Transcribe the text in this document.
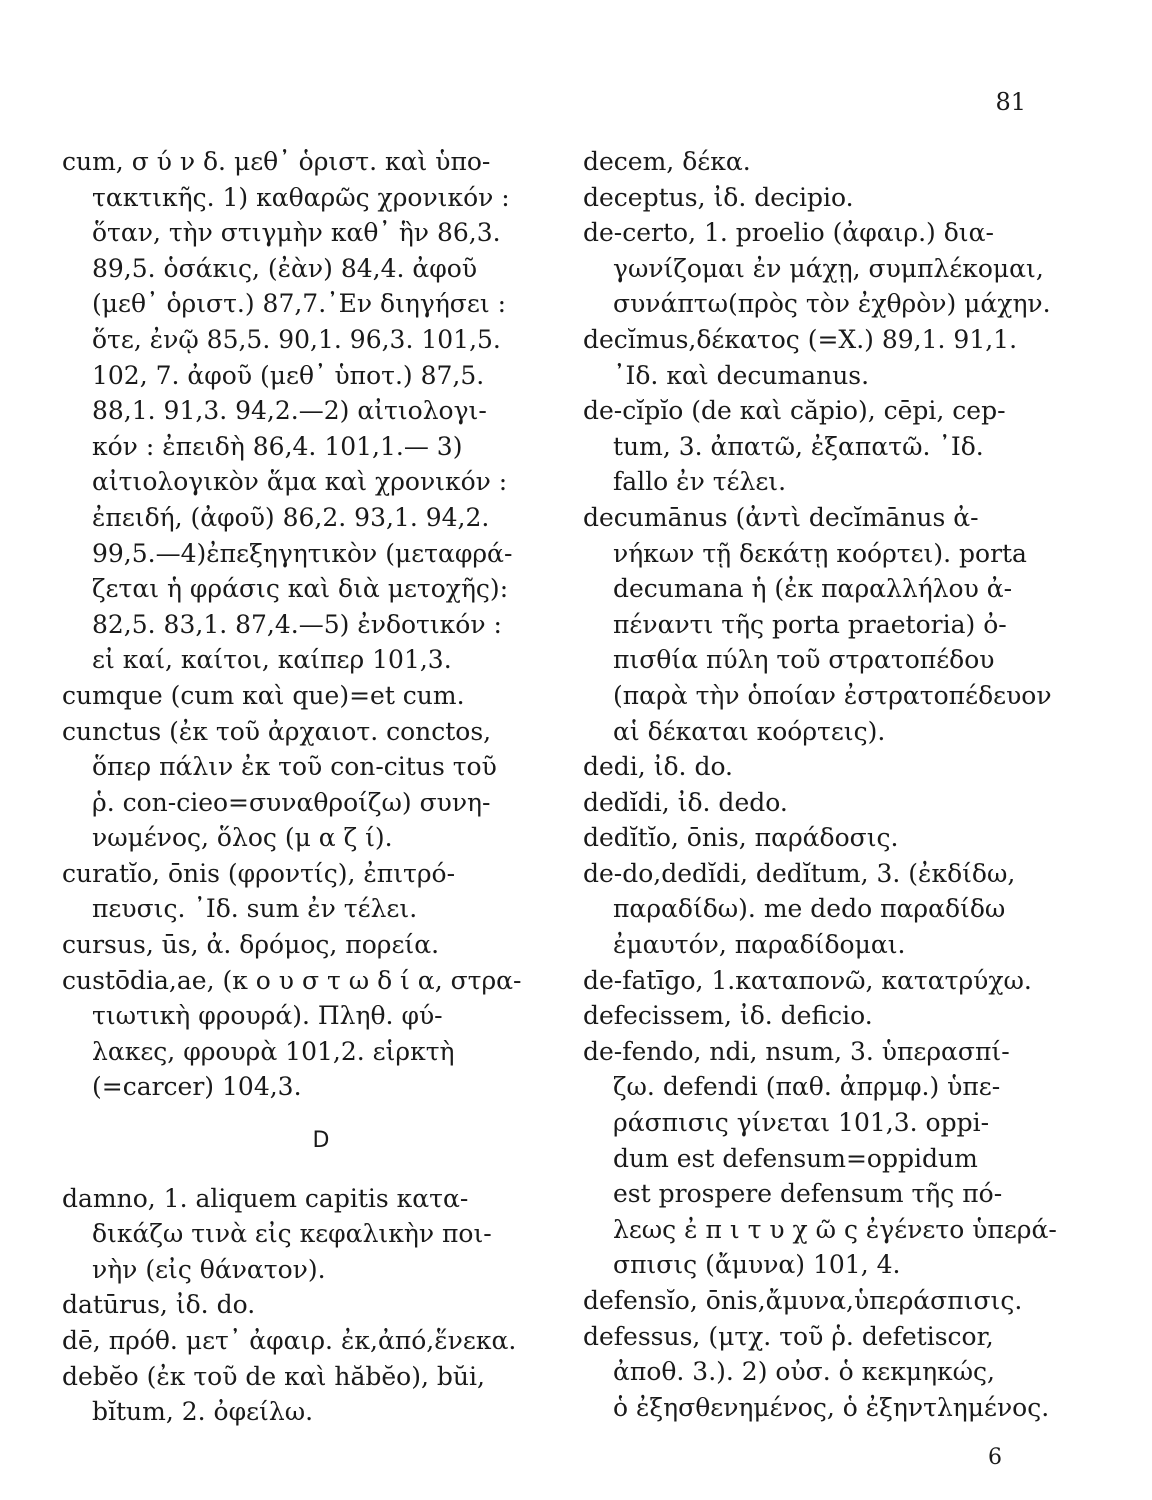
81
cum, σ ύ ν δ. μεθ᾽ ὁριστ. καὶ ὑπο-
τακτικῆς. 1) καθαρῶς χρονικόν :
ὅταν, τὴν στιγμὴν καθ᾽ ἣν 86,3.
89,5. ὁσάκις, (ἐὰν) 84,4. ἀφοῦ
(μεθ᾽ ὁριστ.) 87,7.᾽Εν διηγήσει :
ὅτε, ἐνῷ 85,5. 90,1. 96,3. 101,5.
102, 7. ἀφοῦ (μεθ᾽ ὑποτ.) 87,5.
88,1. 91,3. 94,2.—2) αἰτιολογι-
κόν : ἐπειδὴ 86,4. 101,1.— 3)
αἰτιολογικὸν ἅμα καὶ χρονικόν :
ἐπειδή, (ἀφοῦ) 86,2. 93,1. 94,2.
99,5.—4)ἐπεξηγητικὸν (μεταφρά-
ζεται ἡ φράσις καὶ διὰ μετοχῆς):
82,5. 83,1. 87,4.—5) ἐνδοτικόν :
εἰ καί, καίτοι, καίπερ 101,3.
cumque (cum καὶ que)=et cum.
cunctus (ἐκ τοῦ ἀρχαιοτ. conctos,
ὅπερ πάλιν ἐκ τοῦ con-citus τοῦ
ῥ. con-cieo=συναθροίζω) συνη-
νωμένος, ὅλος (μ α ζ ί).
curatĭo, ōnis (φροντίς), ἐπιτρό-
πευσις. ᾽Ιδ. sum ἐν τέλει.
cursus, ūs, ἀ. δρόμος, πορεία.
custōdia,ae, (κ ο υ σ τ ω δ ί α, στρα-
τιωτικὴ φρουρά). Πληθ. φύ-
λακες, φρουρὰ 101,2. εἱρκτὴ
(=carcer) 104,3.
D
damno, 1. aliquem capitis κατα-
δικάζω τινὰ εἰς κεφαλικὴν ποι-
νὴν (εἰς θάνατον).
datūrus, ἰδ. do.
dē, πρόθ. μετ᾽ ἀφαιρ. ἐκ,ἀπό,ἕνεκα.
debĕo (ἐκ τοῦ de καὶ hăbĕo), bŭi,
bĭtum, 2. ὀφείλω.
decem, δέκα.
deceptus, ἰδ. decipio.
de-certo, 1. proelio (ἀφαιρ.) δια-
γωνίζομαι ἐν μάχῃ, συμπλέκομαι,
συνάπτω(πρὸς τὸν ἐχθρὸν) μάχην.
decĭmus,δέκατος (=X.) 89,1. 91,1.
᾽Ιδ. καὶ decumanus.
de-cĭpĭo (de καὶ căpio), cēpi, cep-
tum, 3. ἀπατῶ, ἐξαπατῶ. ᾽Ιδ.
fallo ἐν τέλει.
decumānus (ἀντὶ decĭmānus ἀ-
νήκων τῇ δεκάτῃ κοόρτει). porta
decumana ἡ (ἐκ παραλλήλου ἀ-
πέναντι τῆς porta praetoria) ὀ-
πισθία πύλη τοῦ στρατοπέδου
(παρὰ τὴν ὁποίαν ἐστρατοπέδευον
αἱ δέκαται κοόρτεις).
dedi, ἰδ. do.
dedĭdi, ἰδ. dedo.
dedĭtĭo, ōnis, παράδοσις.
de-do,dedĭdi, dedĭtum, 3. (ἐκδίδω,
παραδίδω). me dedo παραδίδω
ἐμαυτόν, παραδίδομαι.
de-fatīgo, 1.καταπονῶ, κατατρύχω.
defecissem, ἰδ. deficio.
de-fendo, ndi, nsum, 3. ὑπερασπί-
ζω. defendi (παθ. ἀπρμφ.) ὑπε-
ράσπισις γίνεται 101,3. oppi-
dum est defensum=oppidum
est prospere defensum τῆς πό-
λεως ἐ π ι τ υ χ ῶ ς ἐγένετο ὑπερά-
σπισις (ἄμυνα) 101, 4.
defensĭo, ōnis,ἄμυνα,ὑπεράσπισις.
defessus, (μτχ. τοῦ ῥ. defetiscor,
ἀποθ. 3.). 2) οὐσ. ὁ κεκμηκώς,
ὁ ἐξησθενημένος, ὁ ἐξηντλημένος.
6
